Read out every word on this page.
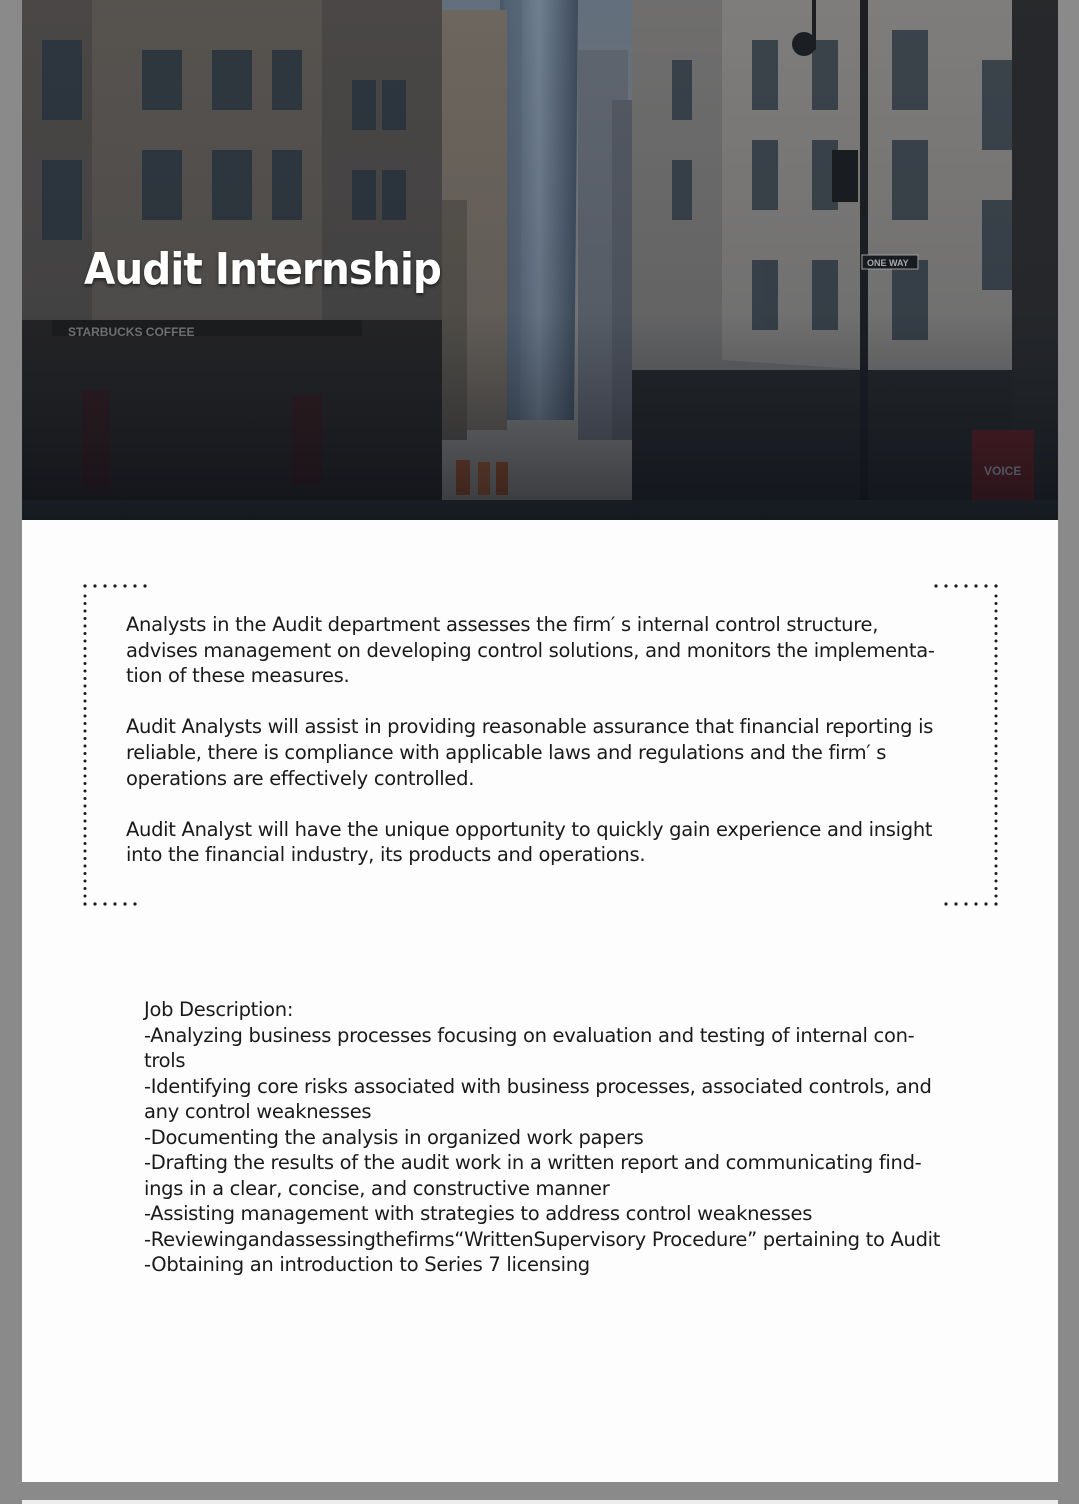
Audit Internship

Analysts in the Audit department assesses the firm′ s internal control structure, advises management on developing control solutions, and monitors the implementa-tion of these measures.

Audit Analysts will assist in providing reasonable assurance that financial reporting is reliable, there is compliance with applicable laws and regulations and the firm′ s operations are effectively controlled.

Audit Analyst will have the unique opportunity to quickly gain experience and insight into the financial industry, its products and operations.

Job Description:
-Analyzing business processes focusing on evaluation and testing of internal con-trols
-Identifying core risks associated with business processes, associated controls, and any control weaknesses
-Documenting the analysis in organized work papers
-Drafting the results of the audit work in a written report and communicating find-ings in a clear, concise, and constructive manner
-Assisting management with strategies to address control weaknesses
-Reviewingandassessingthefirms“WrittenSupervisory Procedure” pertaining to Audit
-Obtaining an introduction to Series 7 licensing
